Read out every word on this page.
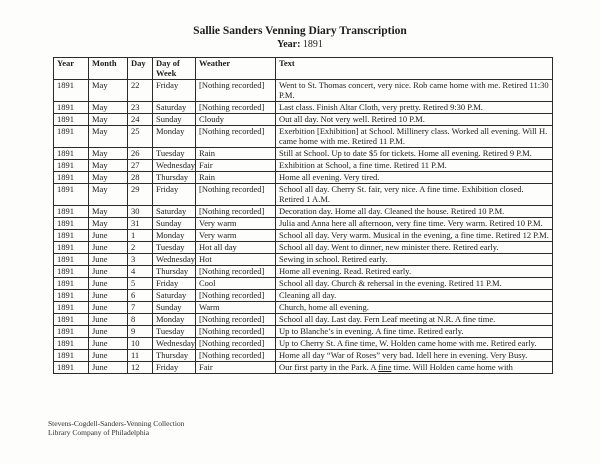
Sallie Sanders Venning Diary Transcription
Year: 1891
Year	Month	Day	Day of Week	Weather	Text
1891	May	22	Friday	[Nothing recorded]	Went to St. Thomas concert, very nice. Rob came home with me. Retired 11:30 P.M.
1891	May	23	Saturday	[Nothing recorded]	Last class. Finish Altar Cloth, very pretty. Retired 9:30 P.M.
1891	May	24	Sunday	Cloudy	Out all day. Not very well. Retired 10 P.M.
1891	May	25	Monday	[Nothing recorded]	Exerbition [Exhibition] at School. Millinery class. Worked all evening. Will H. came home with me. Retired 11 P.M.
1891	May	26	Tuesday	Rain	Still at School. Up to date $5 for tickets. Home all evening. Retired 9 P.M.
1891	May	27	Wednesday	Fair	Exhibition at School, a fine time. Retired 11 P.M.
1891	May	28	Thursday	Rain	Home all evening. Very tired.
1891	May	29	Friday	[Nothing recorded]	School all day. Cherry St. fair, very nice. A fine time. Exhibition closed. Retired 1 A.M.
1891	May	30	Saturday	[Nothing recorded]	Decoration day. Home all day. Cleaned the house. Retired 10 P.M.
1891	May	31	Sunday	Very warm	Julia and Anna here all afternoon, very fine time. Very warm. Retired 10 P.M.
1891	June	1	Monday	Very warm	School all day. Very warm. Musical in the evening, a fine time. Retired 12 P.M.
1891	June	2	Tuesday	Hot all day	School all day. Went to dinner, new minister there. Retired early.
1891	June	3	Wednesday	Hot	Sewing in school. Retired early.
1891	June	4	Thursday	[Nothing recorded]	Home all evening. Read. Retired early.
1891	June	5	Friday	Cool	School all day. Church & rehersal in the evening. Retired 11 P.M.
1891	June	6	Saturday	[Nothing recorded]	Cleaning all day.
1891	June	7	Sunday	Warm	Church, home all evening.
1891	June	8	Monday	[Nothing recorded]	School all day. Last day. Fern Leaf meeting at N.R. A fine time.
1891	June	9	Tuesday	[Nothing recorded]	Up to Blanche’s in evening. A fine time. Retired early.
1891	June	10	Wednesday	[Nothing recorded]	Up to Cherry St. A fine time, W. Holden came home with me. Retired early.
1891	June	11	Thursday	[Nothing recorded]	Home all day “War of Roses” very bad. Idell here in evening. Very Busy.
1891	June	12	Friday	Fair	Our first party in the Park. A fine time. Will Holden came home with
Stevens-Cogdell-Sanders-Venning Collection
Library Company of Philadelphia
